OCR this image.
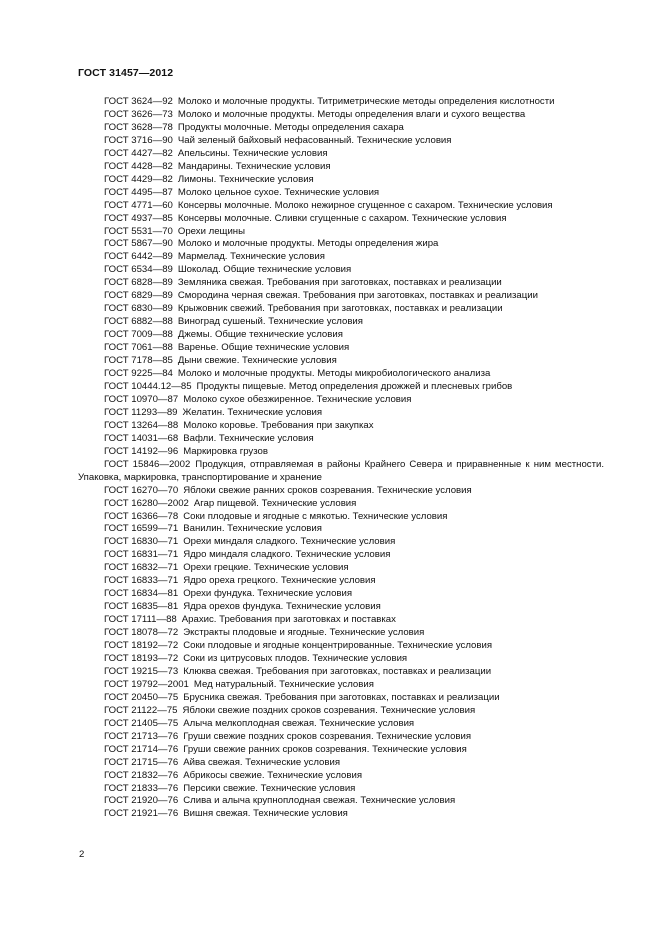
ГОСТ 31457—2012
ГОСТ 3624—92 Молоко и молочные продукты. Титриметрические методы определения кислотности
ГОСТ 3626—73 Молоко и молочные продукты. Методы определения влаги и сухого вещества
ГОСТ 3628—78 Продукты молочные. Методы определения сахара
ГОСТ 3716—90 Чай зеленый байховый нефасованный. Технические условия
ГОСТ 4427—82 Апельсины. Технические условия
ГОСТ 4428—82 Мандарины. Технические условия
ГОСТ 4429—82 Лимоны. Технические условия
ГОСТ 4495—87 Молоко цельное сухое. Технические условия
ГОСТ 4771—60 Консервы молочные. Молоко нежирное сгущенное с сахаром. Технические условия
ГОСТ 4937—85 Консервы молочные. Сливки сгущенные с сахаром. Технические условия
ГОСТ 5531—70 Орехи лещины
ГОСТ 5867—90 Молоко и молочные продукты. Методы определения жира
ГОСТ 6442—89 Мармелад. Технические условия
ГОСТ 6534—89 Шоколад. Общие технические условия
ГОСТ 6828—89 Земляника свежая. Требования при заготовках, поставках и реализации
ГОСТ 6829—89 Смородина черная свежая. Требования при заготовках, поставках и реализации
ГОСТ 6830—89 Крыжовник свежий. Требования при заготовках, поставках и реализации
ГОСТ 6882—88 Виноград сушеный. Технические условия
ГОСТ 7009—88 Джемы. Общие технические условия
ГОСТ 7061—88 Варенье. Общие технические условия
ГОСТ 7178—85 Дыни свежие. Технические условия
ГОСТ 9225—84 Молоко и молочные продукты. Методы микробиологического анализа
ГОСТ 10444.12—85 Продукты пищевые. Метод определения дрожжей и плесневых грибов
ГОСТ 10970—87 Молоко сухое обезжиренное. Технические условия
ГОСТ 11293—89 Желатин. Технические условия
ГОСТ 13264—88 Молоко коровье. Требования при закупках
ГОСТ 14031—68 Вафли. Технические условия
ГОСТ 14192—96 Маркировка грузов
ГОСТ 15846—2002 Продукция, отправляемая в районы Крайнего Севера и приравненные к ним местности. Упаковка, маркировка, транспортирование и хранение
ГОСТ 16270—70 Яблоки свежие ранних сроков созревания. Технические условия
ГОСТ 16280—2002 Агар пищевой. Технические условия
ГОСТ 16366—78 Соки плодовые и ягодные с мякотью. Технические условия
ГОСТ 16599—71 Ванилин. Технические условия
ГОСТ 16830—71 Орехи миндаля сладкого. Технические условия
ГОСТ 16831—71 Ядро миндаля сладкого. Технические условия
ГОСТ 16832—71 Орехи грецкие. Технические условия
ГОСТ 16833—71 Ядро ореха грецкого. Технические условия
ГОСТ 16834—81 Орехи фундука. Технические условия
ГОСТ 16835—81 Ядра орехов фундука. Технические условия
ГОСТ 17111—88 Арахис. Требования при заготовках и поставках
ГОСТ 18078—72 Экстракты плодовые и ягодные. Технические условия
ГОСТ 18192—72 Соки плодовые и ягодные концентрированные. Технические условия
ГОСТ 18193—72 Соки из цитрусовых плодов. Технические условия
ГОСТ 19215—73 Клюква свежая. Требования при заготовках, поставках и реализации
ГОСТ 19792—2001 Мед натуральный. Технические условия
ГОСТ 20450—75 Брусника свежая. Требования при заготовках, поставках и реализации
ГОСТ 21122—75 Яблоки свежие поздних сроков созревания. Технические условия
ГОСТ 21405—75 Алыча мелкоплодная свежая. Технические условия
ГОСТ 21713—76 Груши свежие поздних сроков созревания. Технические условия
ГОСТ 21714—76 Груши свежие ранних сроков созревания. Технические условия
ГОСТ 21715—76 Айва свежая. Технические условия
ГОСТ 21832—76 Абрикосы свежие. Технические условия
ГОСТ 21833—76 Персики свежие. Технические условия
ГОСТ 21920—76 Слива и алыча крупноплодная свежая. Технические условия
ГОСТ 21921—76 Вишня свежая. Технические условия
2
